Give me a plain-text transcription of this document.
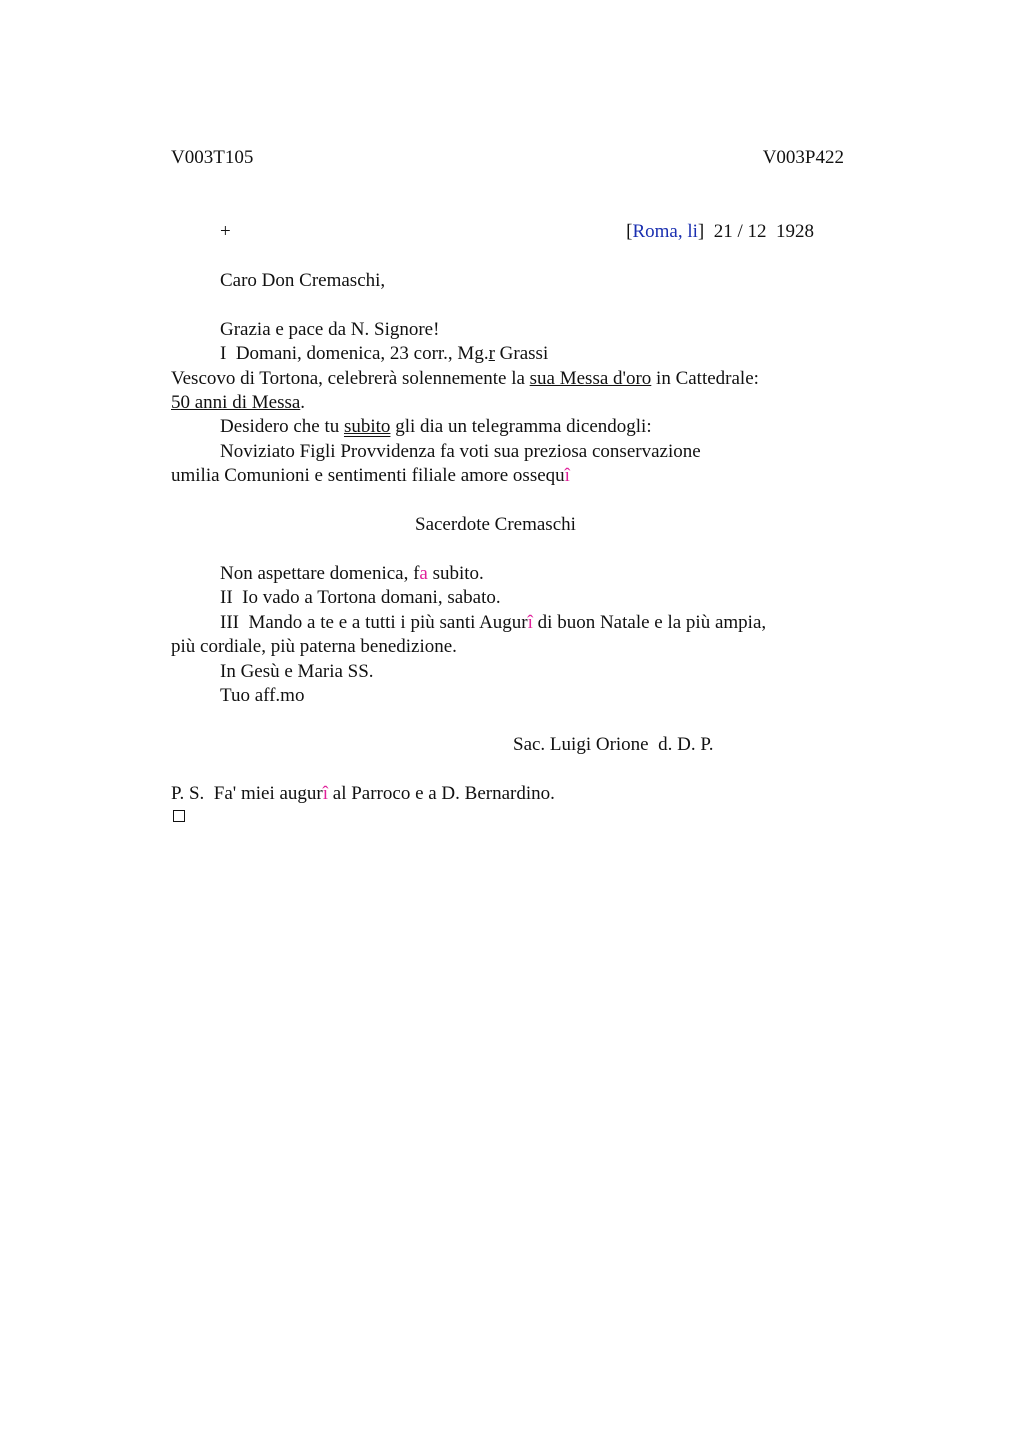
V003T105	V003P422
+	[Roma, li] 21 / 12  1928
Caro Don Cremaschi,
Grazia e pace da N. Signore!
I  Domani, domenica, 23 corr., Mg.r Grassi
Vescovo di Tortona, celebrerà solennemente la sua Messa d'oro in Cattedrale:
50 anni di Messa.
Desidero che tu subito gli dia un telegramma dicendogli:
Noviziato Figli Provvidenza fa voti sua preziosa conservazione
umilia Comunioni e sentimenti filiale amore ossequî
Sacerdote Cremaschi
Non aspettare domenica, fa subito.
II  Io vado a Tortona domani, sabato.
III  Mando a te e a tutti i più santi Augurî di buon Natale e la più ampia,
più cordiale, più paterna benedizione.
In Gesù e Maria SS.
Tuo aff.mo
Sac. Luigi Orione  d. D. P.
P. S.  Fa' miei augurî al Parroco e a D. Bernardino.
